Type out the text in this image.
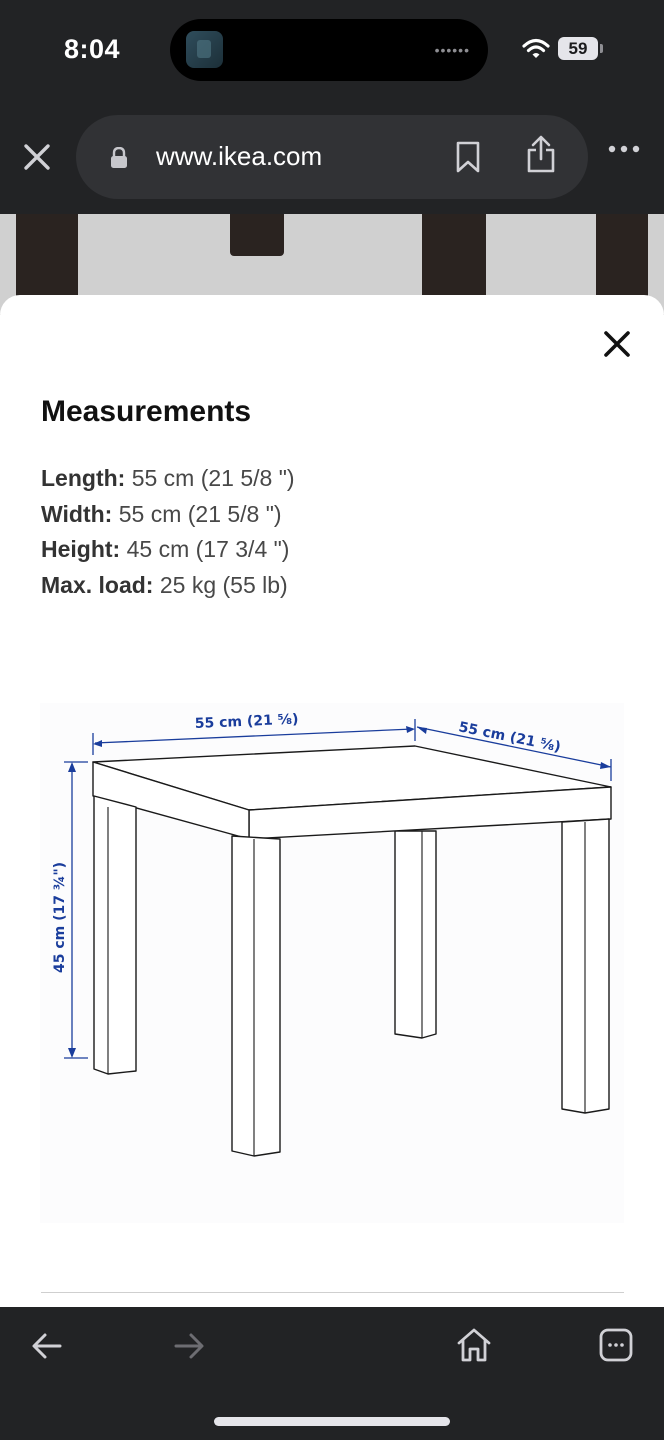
8:04	••••••	59
www.ikea.com
Measurements
Length: 55 cm (21 5/8 ")
Width: 55 cm (21 5/8 ")
Height: 45 cm (17 3/4 ")
Max. load: 25 kg (55 lb)
55 cm (21 ⅝)	55 cm (21 ⅝)
45 cm (17 ¾")
